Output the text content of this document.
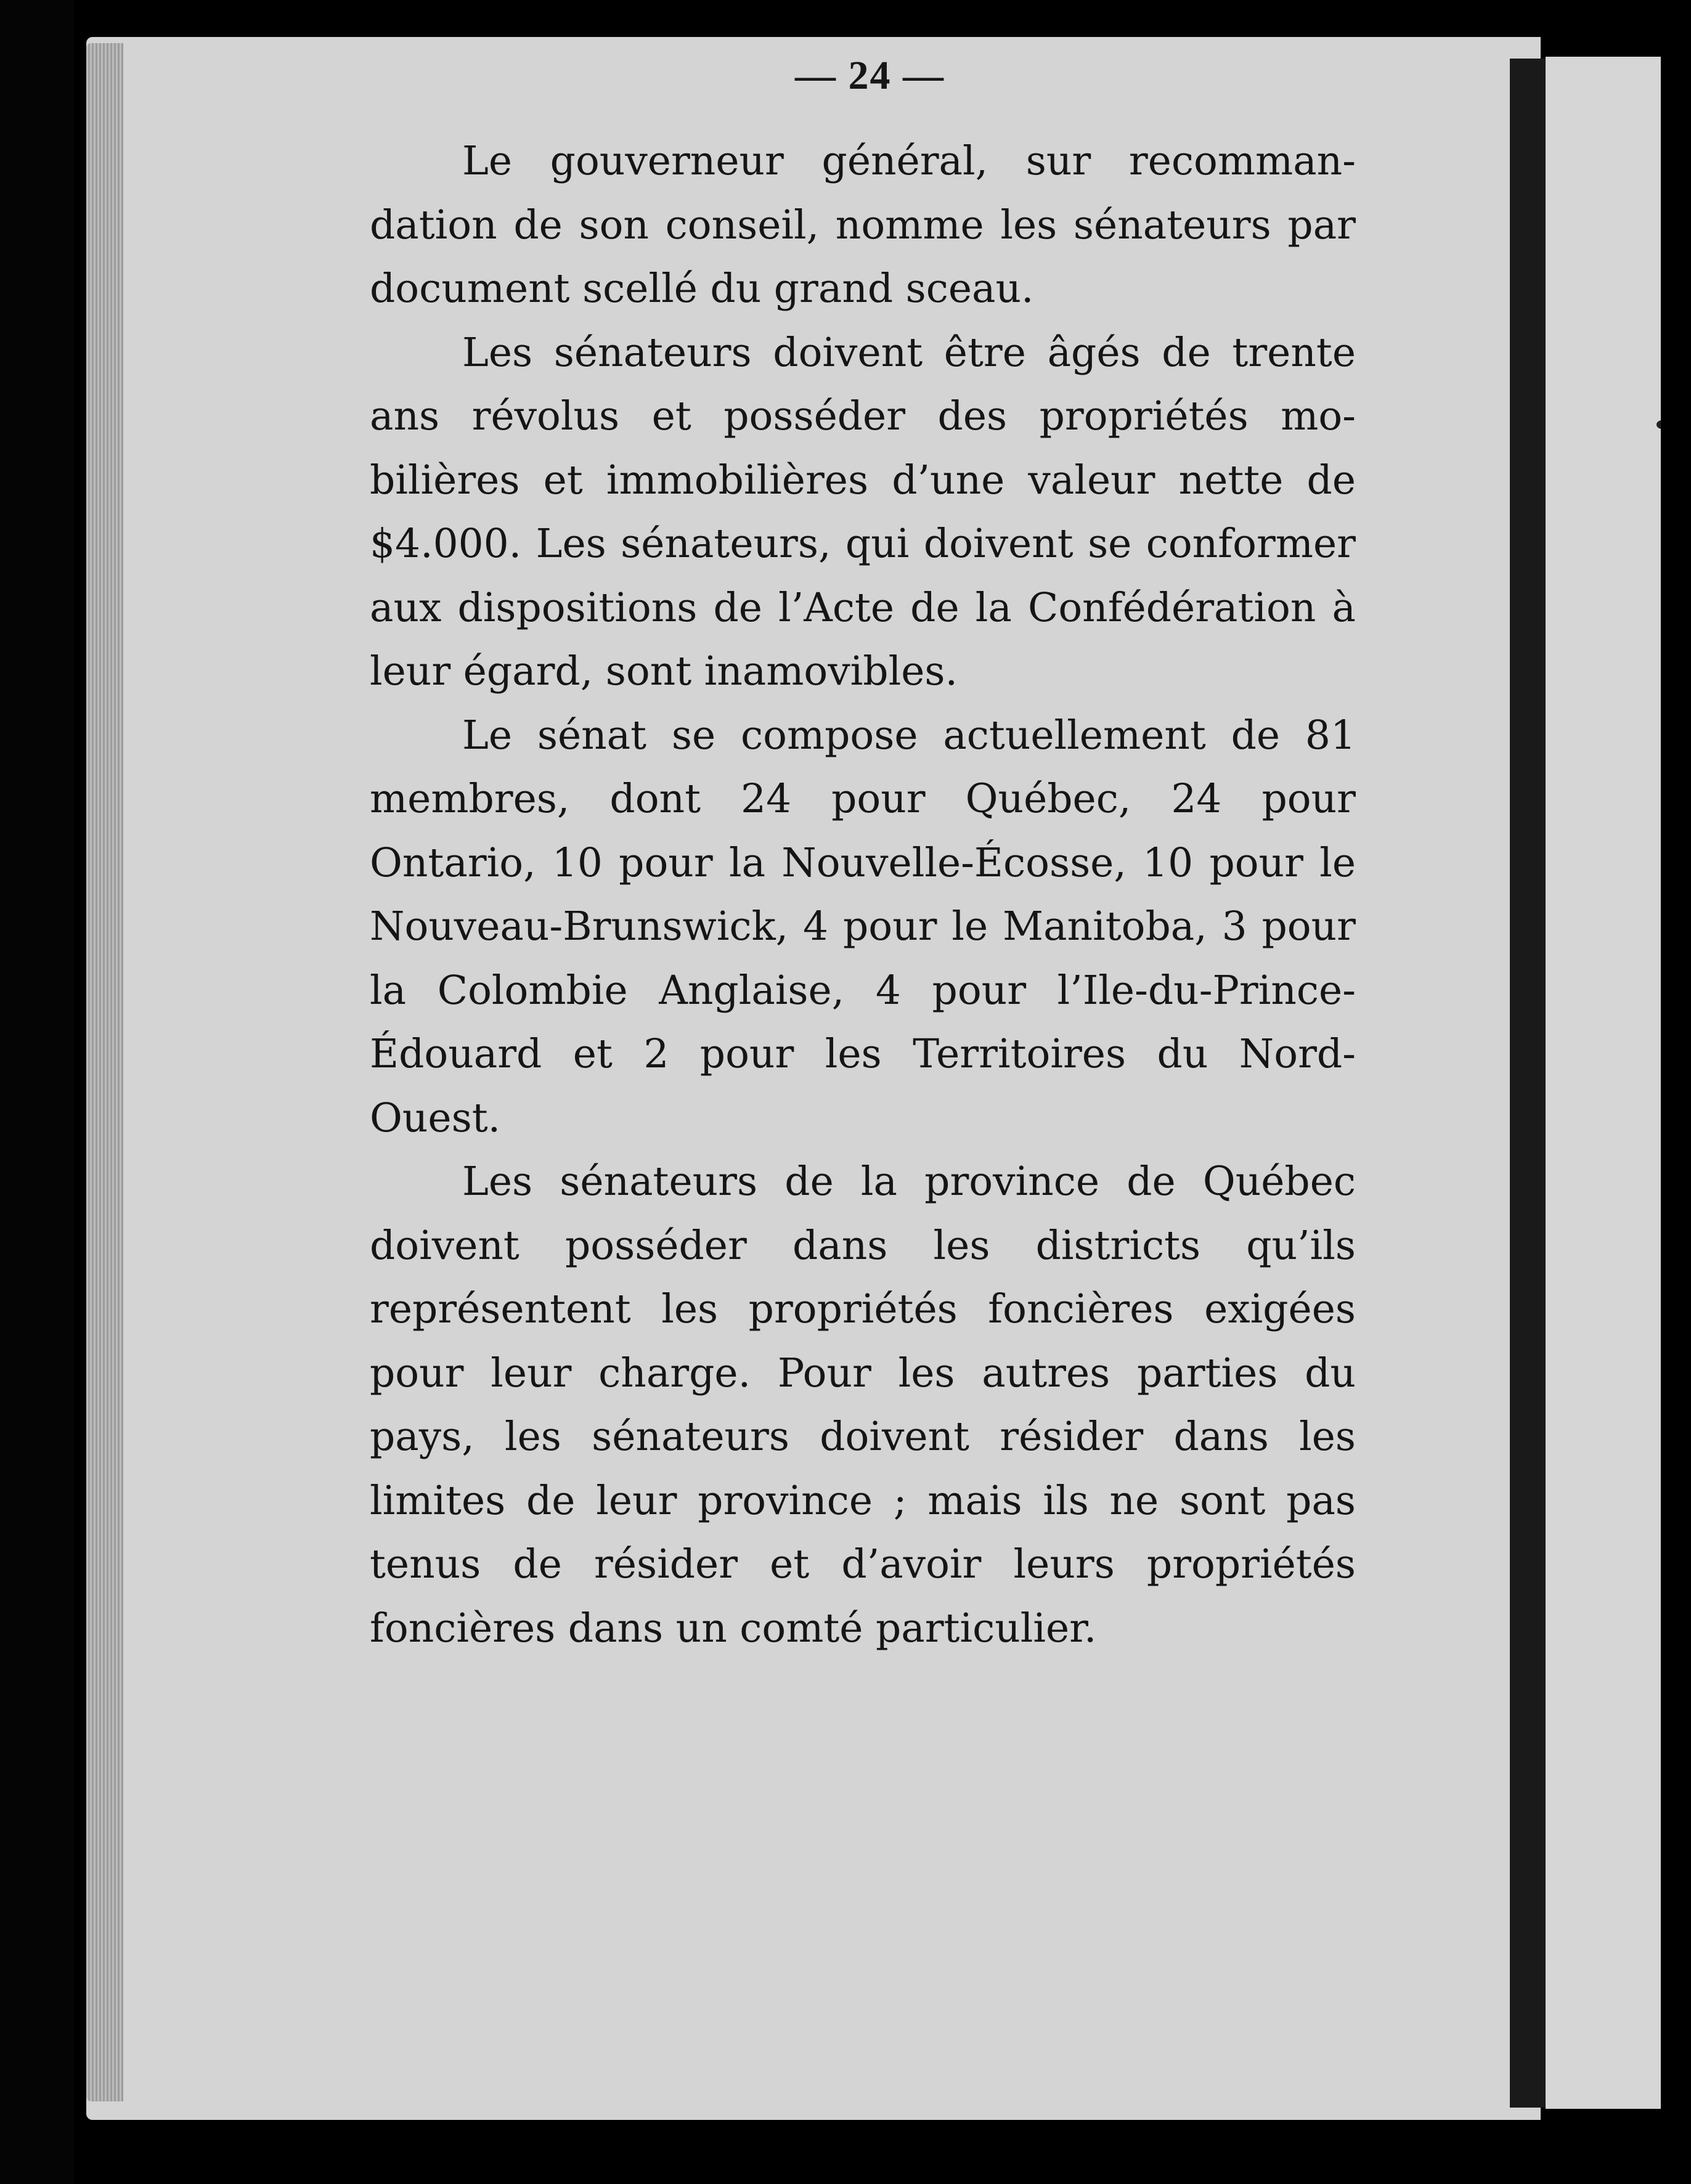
— 24 —

Le gouverneur général, sur recommandation de son conseil, nomme les sénateurs par document scellé du grand sceau.

Les sénateurs doivent être âgés de trente ans révolus et posséder des propriétés mobilières et immobilières d’une valeur nette de $4.000. Les sénateurs, qui doivent se conformer aux dispositions de l’Acte de la Confédération à leur égard, sont inamovibles.

Le sénat se compose actuellement de 81 membres, dont 24 pour Québec, 24 pour Ontario, 10 pour la Nouvelle-Écosse, 10 pour le Nouveau-Brunswick, 4 pour le Manitoba, 3 pour la Colombie Anglaise, 4 pour l’Ile-du-Prince-Édouard et 2 pour les Territoires du Nord-Ouest.

Les sénateurs de la province de Québec doivent posséder dans les districts qu’ils représentent les propriétés foncières exigées pour leur charge. Pour les autres parties du pays, les sénateurs doivent résider dans les limites de leur province ; mais ils ne sont pas tenus de résider et d’avoir leurs propriétés foncières dans un comté particulier.
